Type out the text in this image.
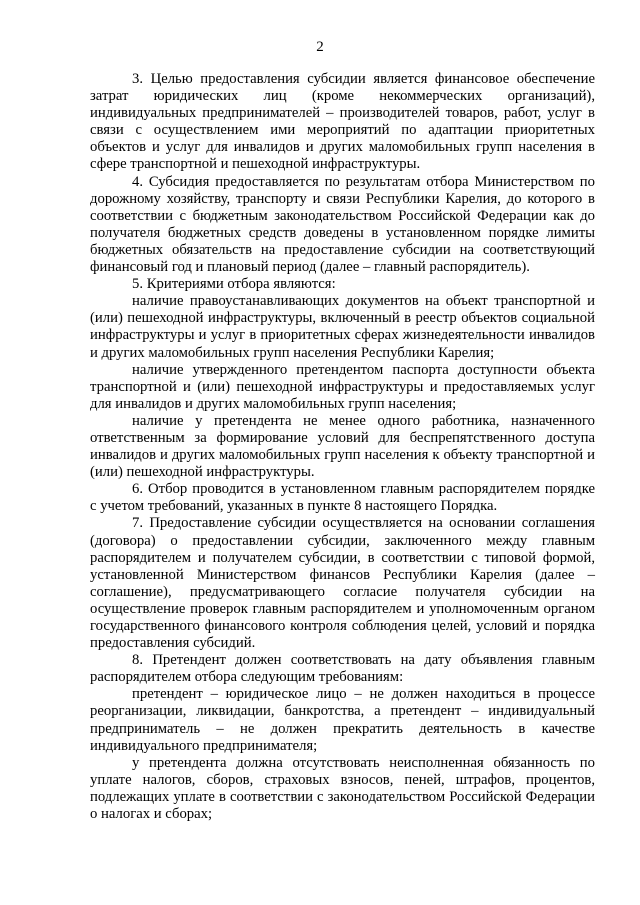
2

3. Целью предоставления субсидии является финансовое обеспечение затрат юридических лиц (кроме некоммерческих организаций), индивидуальных предпринимателей – производителей товаров, работ, услуг в связи с осуществлением ими мероприятий по адаптации приоритетных объектов и услуг для инвалидов и других маломобильных групп населения в сфере транспортной и пешеходной инфраструктуры.

4. Субсидия предоставляется по результатам отбора Министерством по дорожному хозяйству, транспорту и связи Республики Карелия, до которого в соответствии с бюджетным законодательством Российской Федерации как до получателя бюджетных средств доведены в установленном порядке лимиты бюджетных обязательств на предоставление субсидии на соответствующий финансовый год и плановый период (далее – главный распорядитель).

5. Критериями отбора являются:

наличие правоустанавливающих документов на объект транспортной и (или) пешеходной инфраструктуры, включенный в реестр объектов социальной инфраструктуры и услуг в приоритетных сферах жизнедеятельности инвалидов и других маломобильных групп населения Республики Карелия;

наличие утвержденного претендентом паспорта доступности объекта транспортной и (или) пешеходной инфраструктуры и предоставляемых услуг для инвалидов и других маломобильных групп населения;

наличие у претендента не менее одного работника, назначенного ответственным за формирование условий для беспрепятственного доступа инвалидов и других маломобильных групп населения к объекту транспортной и (или) пешеходной инфраструктуры.

6. Отбор проводится в установленном главным распорядителем порядке с учетом требований, указанных в пункте 8 настоящего Порядка.

7. Предоставление субсидии осуществляется на основании соглашения (договора) о предоставлении субсидии, заключенного между главным распорядителем и получателем субсидии, в соответствии с типовой формой, установленной Министерством финансов Республики Карелия (далее – соглашение), предусматривающего согласие получателя субсидии на осуществление проверок главным распорядителем и уполномоченным органом государственного финансового контроля соблюдения целей, условий и порядка предоставления субсидий.

8. Претендент должен соответствовать на дату объявления главным распорядителем отбора следующим требованиям:

претендент – юридическое лицо – не должен находиться в процессе реорганизации, ликвидации, банкротства, а претендент – индивидуальный предприниматель – не должен прекратить деятельность в качестве индивидуального предпринимателя;

у претендента должна отсутствовать неисполненная обязанность по уплате налогов, сборов, страховых взносов, пеней, штрафов, процентов, подлежащих уплате в соответствии с законодательством Российской Федерации о налогах и сборах;
